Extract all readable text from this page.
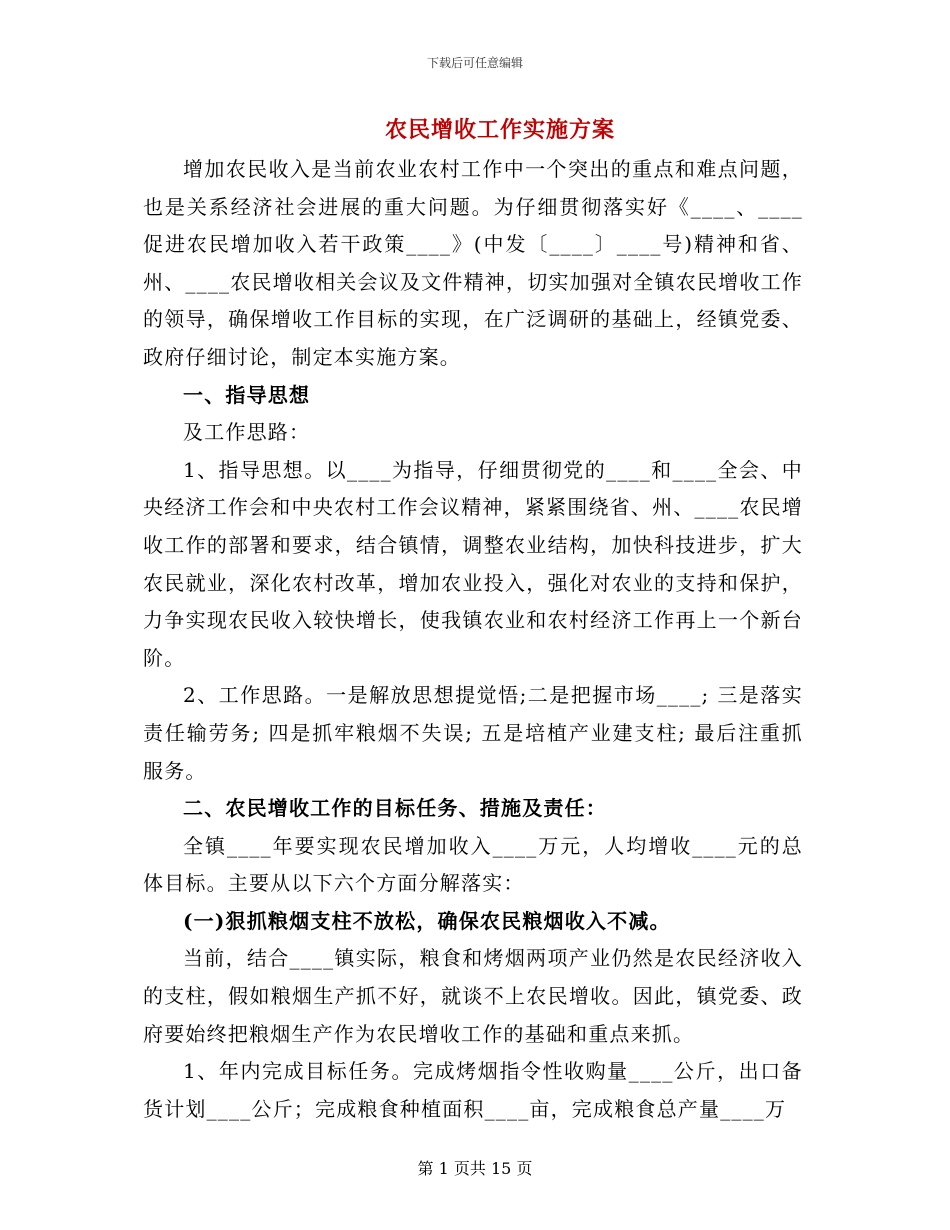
下载后可任意编辑
农民增收工作实施方案

增加农民收入是当前农业农村工作中一个突出的重点和难点问题，也是关系经济社会进展的重大问题。为仔细贯彻落实好《____、____促进农民增加收入若干政策____》(中发〔____〕____号)精神和省、州、____农民增收相关会议及文件精神，切实加强对全镇农民增收工作的领导，确保增收工作目标的实现，在广泛调研的基础上，经镇党委、政府仔细讨论，制定本实施方案。

一、指导思想

及工作思路：

1、指导思想。以____为指导，仔细贯彻党的____和____全会、中央经济工作会和中央农村工作会议精神，紧紧围绕省、州、____农民增收工作的部署和要求，结合镇情，调整农业结构，加快科技进步，扩大农民就业，深化农村改革，增加农业投入，强化对农业的支持和保护，力争实现农民收入较快增长，使我镇农业和农村经济工作再上一个新台阶。

2、工作思路。一是解放思想提觉悟;二是把握市场____; 三是落实责任输劳务; 四是抓牢粮烟不失误; 五是培植产业建支柱; 最后注重抓服务。

二、农民增收工作的目标任务、措施及责任：

全镇____年要实现农民增加收入____万元，人均增收____元的总体目标。主要从以下六个方面分解落实：

(一)狠抓粮烟支柱不放松，确保农民粮烟收入不减。

当前，结合____镇实际，粮食和烤烟两项产业仍然是农民经济收入的支柱，假如粮烟生产抓不好，就谈不上农民增收。因此，镇党委、政府要始终把粮烟生产作为农民增收工作的基础和重点来抓。

1、年内完成目标任务。完成烤烟指令性收购量____公斤，出口备货计划____公斤；完成粮食种植面积____亩，完成粮食总产量____万

第 1 页共 15 页
